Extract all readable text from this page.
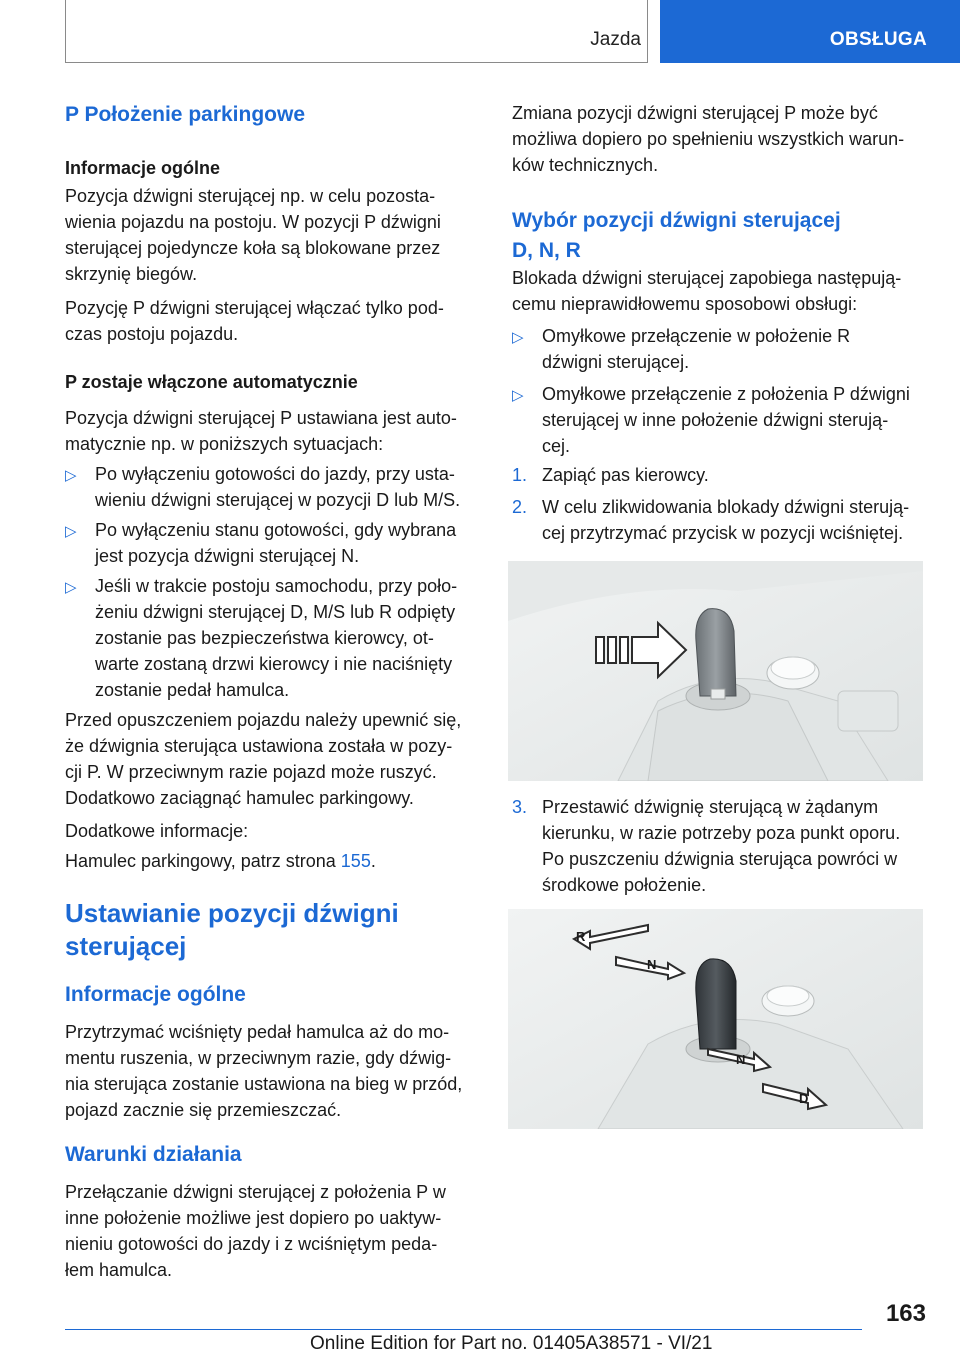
Jazda	OBSŁUGA
P Położenie parkingowe
Informacje ogólne
Pozycja dźwigni sterującej np. w celu pozosta-
wienia pojazdu na postoju. W pozycji P dźwigni
sterującej pojedyncze koła są blokowane przez
skrzynię biegów.
Pozycję P dźwigni sterującej włączać tylko pod-
czas postoju pojazdu.
P zostaje włączone automatycznie
Pozycja dźwigni sterującej P ustawiana jest auto-
matycznie np. w poniższych sytuacjach:
▷ Po wyłączeniu gotowości do jazdy, przy usta-
wieniu dźwigni sterującej w pozycji D lub M/S.
▷ Po wyłączeniu stanu gotowości, gdy wybrana
jest pozycja dźwigni sterującej N.
▷ Jeśli w trakcie postoju samochodu, przy poło-
żeniu dźwigni sterującej D, M/S lub R odpięty
zostanie pas bezpieczeństwa kierowcy, ot-
warte zostaną drzwi kierowcy i nie naciśnięty
zostanie pedał hamulca.
Przed opuszczeniem pojazdu należy upewnić się,
że dźwignia sterująca ustawiona została w pozy-
cji P. W przeciwnym razie pojazd może ruszyć.
Dodatkowo zaciągnąć hamulec parkingowy.
Dodatkowe informacje:
Hamulec parkingowy, patrz strona 155.
Ustawianie pozycji dźwigni
sterującej
Informacje ogólne
Przytrzymać wciśnięty pedał hamulca aż do mo-
mentu ruszenia, w przeciwnym razie, gdy dźwig-
nia sterująca zostanie ustawiona na bieg w przód,
pojazd zacznie się przemieszczać.
Warunki działania
Przełączanie dźwigni sterującej z położenia P w
inne położenie możliwe jest dopiero po uaktyw-
nieniu gotowości do jazdy i z wciśniętym peda-
łem hamulca.
Zmiana pozycji dźwigni sterującej P może być
możliwa dopiero po spełnieniu wszystkich warun-
ków technicznych.
Wybór pozycji dźwigni sterującej
D, N, R
Blokada dźwigni sterującej zapobiega następują-
cemu nieprawidłowemu sposobowi obsługi:
▷ Omyłkowe przełączenie w położenie R
dźwigni sterującej.
▷ Omyłkowe przełączenie z położenia P dźwigni
sterującej w inne położenie dźwigni sterują-
cej.
1. Zapiąć pas kierowcy.
2. W celu zlikwidowania blokady dźwigni sterują-
cej przytrzymać przycisk w pozycji wciśniętej.
3. Przestawić dźwignię sterującą w żądanym
kierunku, w razie potrzeby poza punkt oporu.
Po puszczeniu dźwignia sterująca powróci w
środkowe położenie.
R
N
N
D
163
Online Edition for Part no. 01405A38571 - VI/21
